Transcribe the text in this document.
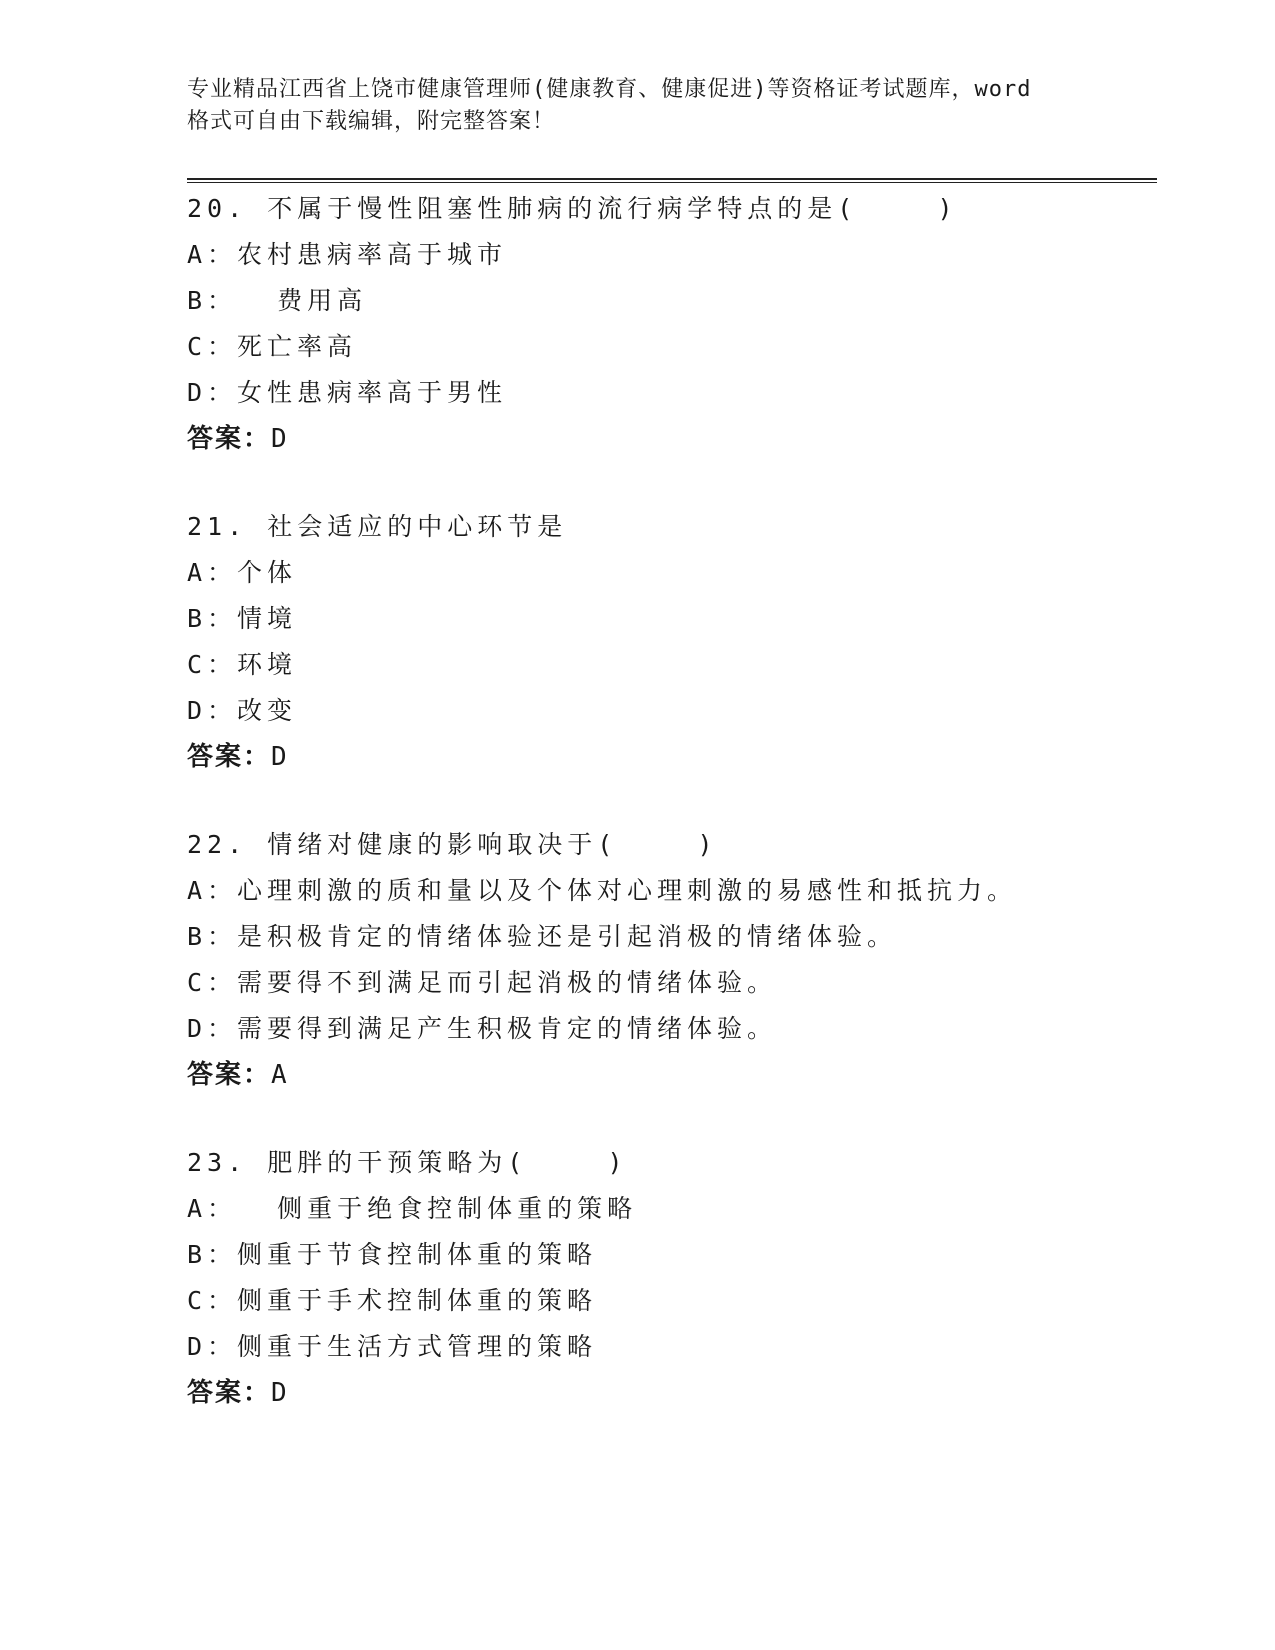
专业精品江西省上饶市健康管理师(健康教育、健康促进)等资格证考试题库，word
格式可自由下载编辑，附完整答案！
20. 不属于慢性阻塞性肺病的流行病学特点的是(    )
A：农村患病率高于城市
B：  费用高
C：死亡率高
D：女性患病率高于男性
答案：D
21. 社会适应的中心环节是
A：个体
B：情境
C：环境
D：改变
答案：D
22. 情绪对健康的影响取决于(    )
A：心理刺激的质和量以及个体对心理刺激的易感性和抵抗力。
B：是积极肯定的情绪体验还是引起消极的情绪体验。
C：需要得不到满足而引起消极的情绪体验。
D：需要得到满足产生积极肯定的情绪体验。
答案：A
23. 肥胖的干预策略为(    )
A：  侧重于绝食控制体重的策略
B：侧重于节食控制体重的策略
C：侧重于手术控制体重的策略
D：侧重于生活方式管理的策略
答案：D
